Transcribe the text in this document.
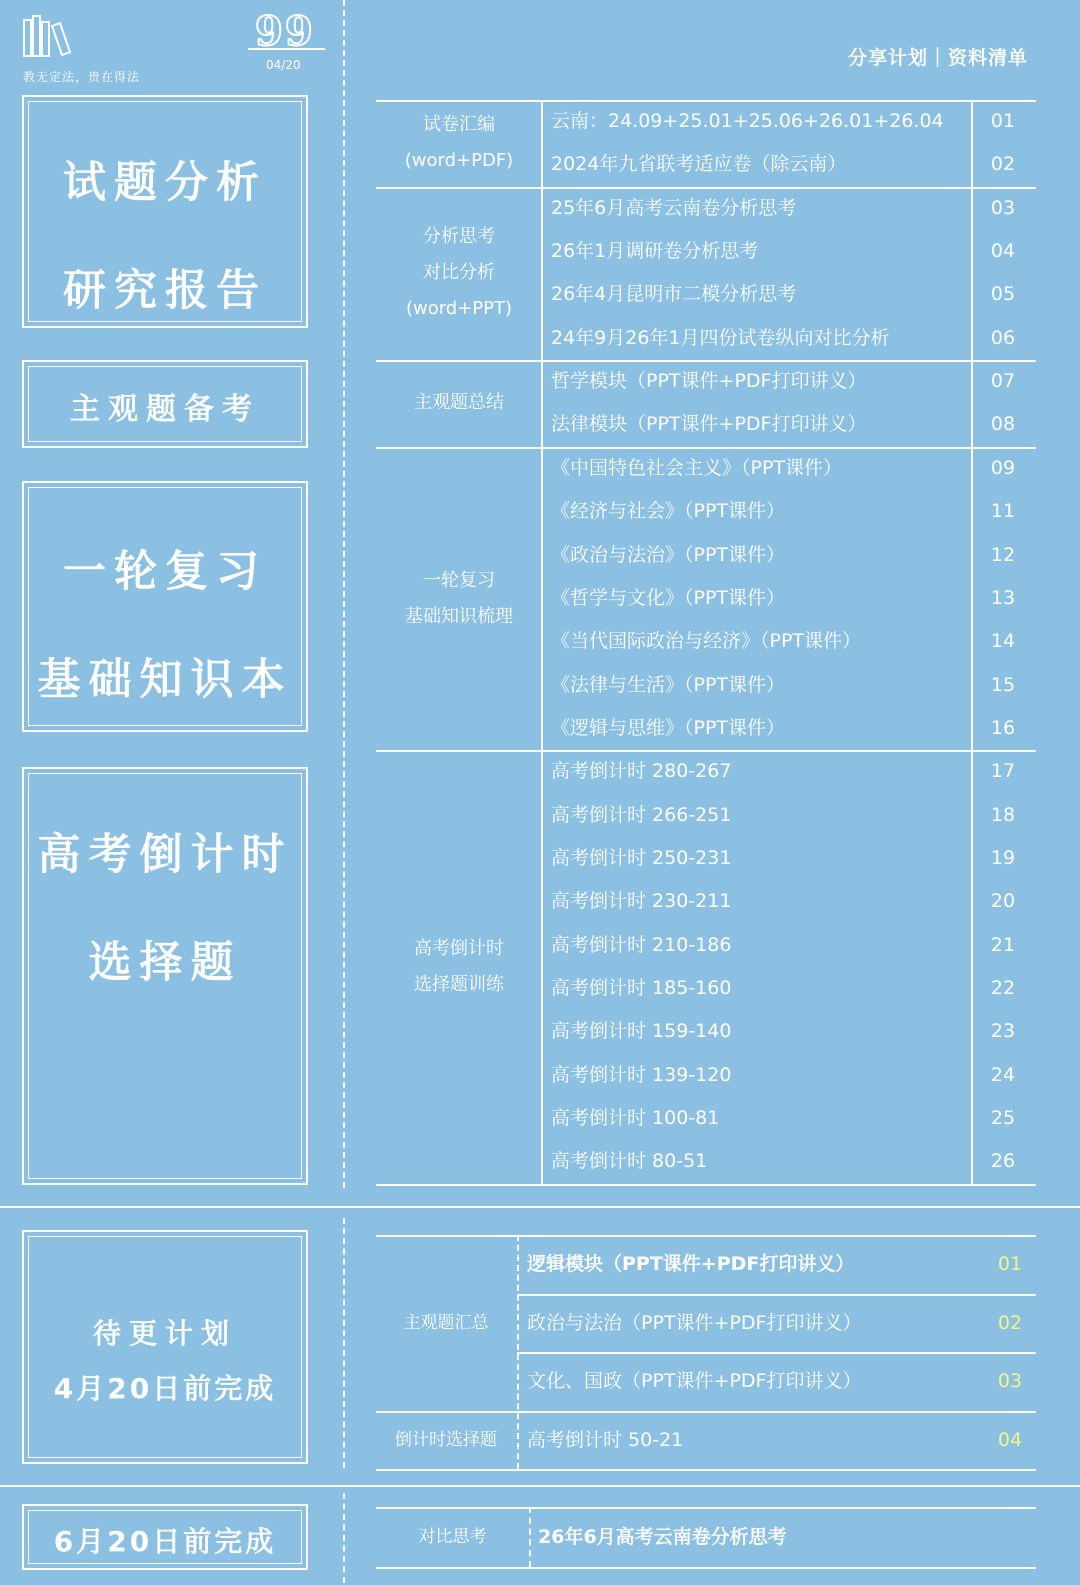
教无定法，贵在得法
99
04/20	分享计划｜资料清单
试题分析
研究报告
主观题备考
一轮复习
基础知识本
高考倒计时
选择题
待更计划
4月20日前完成
6月20日前完成
试卷汇编
(word+PDF)
云南：24.09+25.01+25.06+26.01+26.04	01
2024年九省联考适应卷（除云南）	02
分析思考
对比分析
(word+PPT)
25年6月高考云南卷分析思考	03
26年1月调研卷分析思考	04
26年4月昆明市二模分析思考	05
24年9月26年1月四份试卷纵向对比分析	06
主观题总结
哲学模块（PPT课件+PDF打印讲义）	07
法律模块（PPT课件+PDF打印讲义）	08
一轮复习
基础知识梳理
《中国特色社会主义》（PPT课件）	09
《经济与社会》（PPT课件）	11
《政治与法治》（PPT课件）	12
《哲学与文化》（PPT课件）	13
《当代国际政治与经济》（PPT课件）	14
《法律与生活》（PPT课件）	15
《逻辑与思维》（PPT课件）	16
高考倒计时
选择题训练
高考倒计时 280-267	17
高考倒计时 266-251	18
高考倒计时 250-231	19
高考倒计时 230-211	20
高考倒计时 210-186	21
高考倒计时 185-160	22
高考倒计时 159-140	23
高考倒计时 139-120	24
高考倒计时 100-81	25
高考倒计时 80-51	26
主观题汇总
逻辑模块（PPT课件+PDF打印讲义）	01
政治与法治（PPT课件+PDF打印讲义）	02
文化、国政（PPT课件+PDF打印讲义）	03
倒计时选择题	高考倒计时 50-21	04
对比思考	26年6月高考云南卷分析思考
